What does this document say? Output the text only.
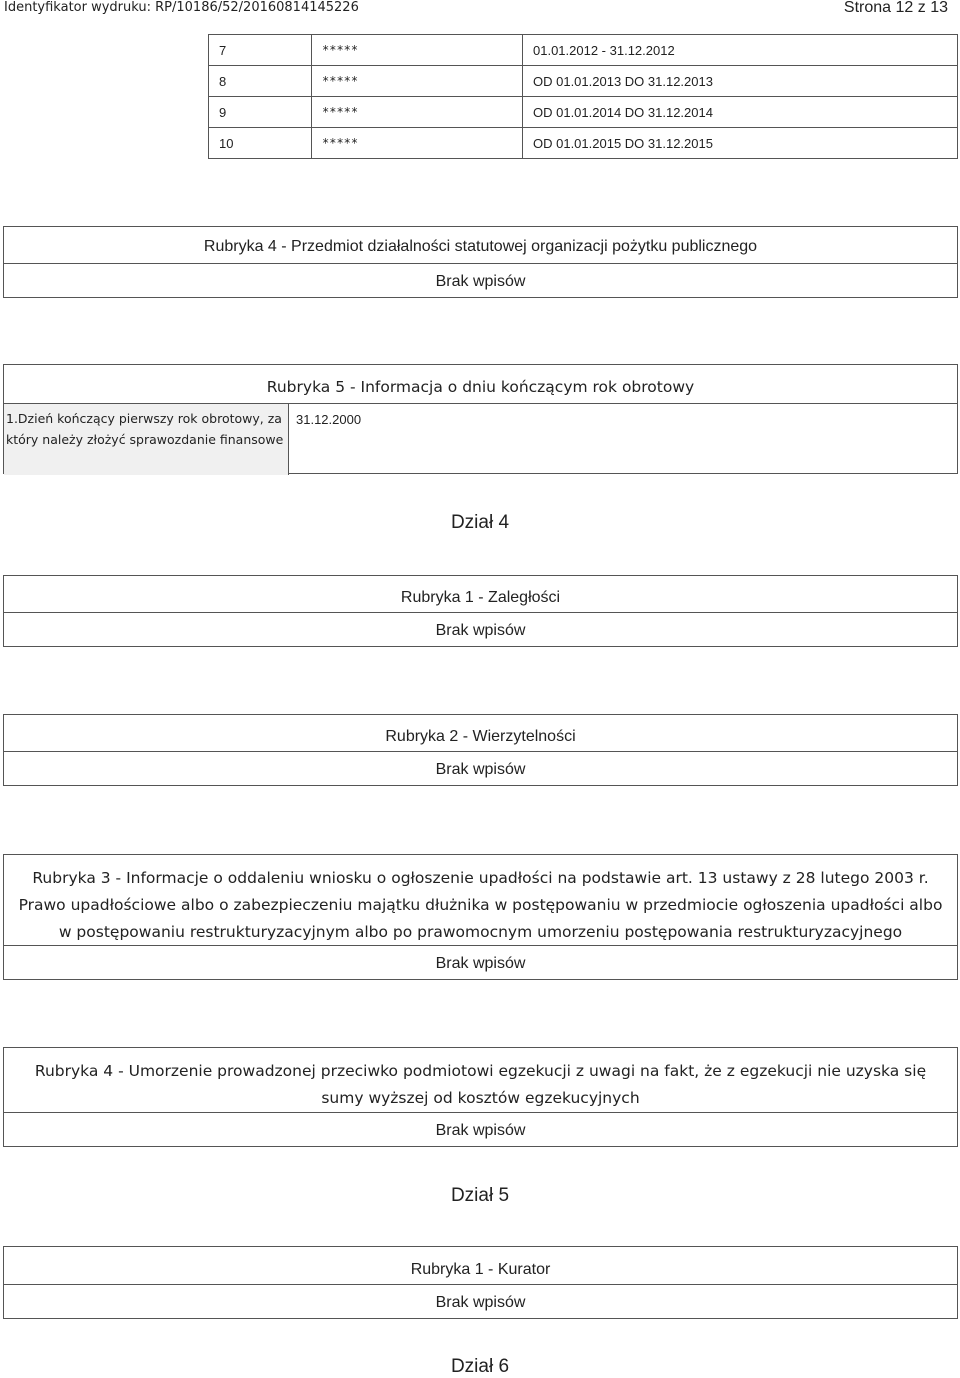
Identyfikator wydruku: RP/10186/52/20160814145226	Strona 12 z 13
7	*****	01.01.2012 - 31.12.2012
8	*****	OD 01.01.2013 DO 31.12.2013
9	*****	OD 01.01.2014 DO 31.12.2014
10	*****	OD 01.01.2015 DO 31.12.2015
Rubryka 4 - Przedmiot działalności statutowej organizacji pożytku publicznego
Brak wpisów
Rubryka 5 - Informacja o dniu kończącym rok obrotowy
1.Dzień kończący pierwszy rok obrotowy, za który należy złożyć sprawozdanie finansowe
31.12.2000
Dział 4
Rubryka 1 - Zaległości
Brak wpisów
Rubryka 2 - Wierzytelności
Brak wpisów
Rubryka 3 - Informacje o oddaleniu wniosku o ogłoszenie upadłości na podstawie art. 13 ustawy z 28 lutego 2003 r. Prawo upadłościowe albo o zabezpieczeniu majątku dłużnika w postępowaniu w przedmiocie ogłoszenia upadłości albo w postępowaniu restrukturyzacyjnym albo po prawomocnym umorzeniu postępowania restrukturyzacyjnego
Brak wpisów
Rubryka 4 - Umorzenie prowadzonej przeciwko podmiotowi egzekucji z uwagi na fakt, że z egzekucji nie uzyska się sumy wyższej od kosztów egzekucyjnych
Brak wpisów
Dział 5
Rubryka 1 - Kurator
Brak wpisów
Dział 6
